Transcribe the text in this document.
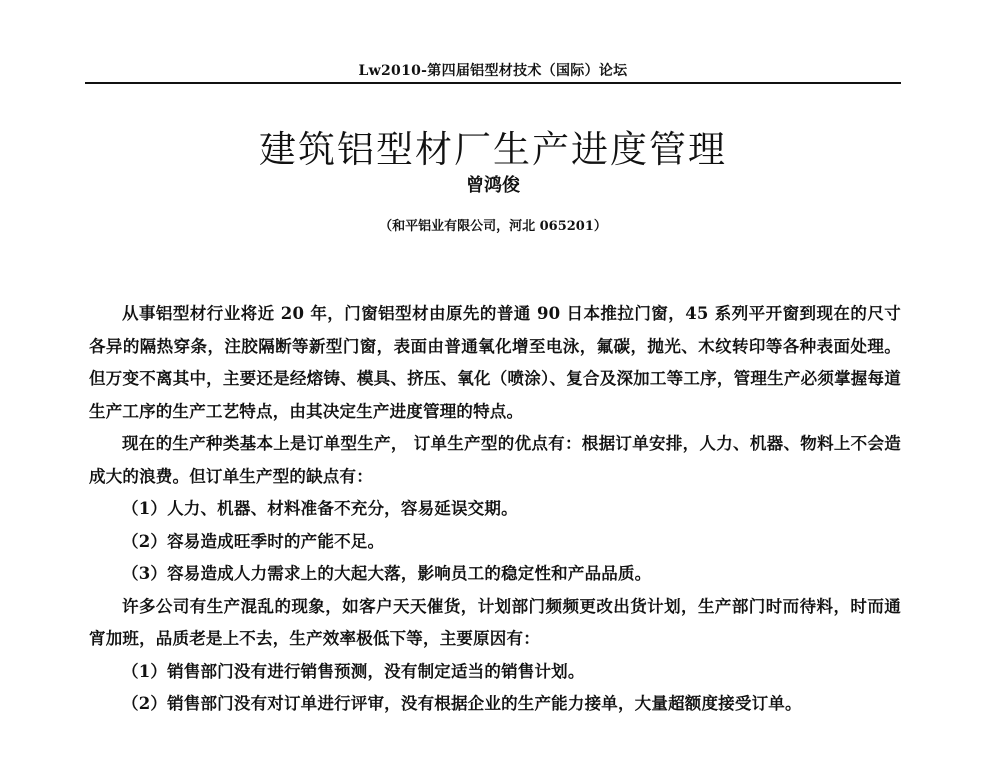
Lw2010-第四届铝型材技术（国际）论坛
建筑铝型材厂生产进度管理
曾鸿俊
（和平铝业有限公司，河北 065201）

从事铝型材行业将近 20 年，门窗铝型材由原先的普通 90 日本推拉门窗，45 系列平开窗到现在的尺寸各异的隔热穿条，注胶隔断等新型门窗，表面由普通氧化增至电泳，氟碳，抛光、木纹转印等各种表面处理。但万变不离其中，主要还是经熔铸、模具、挤压、氧化（喷涂）、复合及深加工等工序，管理生产必须掌握每道生产工序的生产工艺特点，由其决定生产进度管理的特点。

现在的生产种类基本上是订单型生产， 订单生产型的优点有：根据订单安排，人力、机器、物料上不会造成大的浪费。但订单生产型的缺点有：

（1）人力、机器、材料准备不充分，容易延误交期。

（2）容易造成旺季时的产能不足。

（3）容易造成人力需求上的大起大落，影响员工的稳定性和产品品质。

许多公司有生产混乱的现象，如客户天天催货，计划部门频频更改出货计划，生产部门时而待料，时而通宵加班，品质老是上不去，生产效率极低下等，主要原因有：

（1）销售部门没有进行销售预测，没有制定适当的销售计划。

（2）销售部门没有对订单进行评审，没有根据企业的生产能力接单，大量超额度接受订单。
